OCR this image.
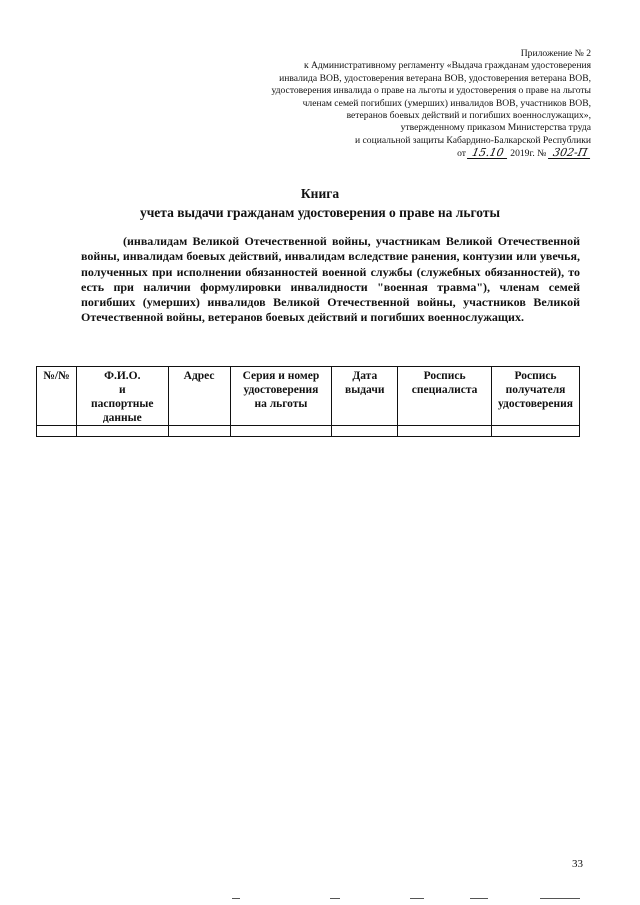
Приложение № 2
к Административному регламенту «Выдача гражданам удостоверения
инвалида ВОВ, удостоверения ветерана ВОВ, удостоверения ветерана ВОВ,
удостоверения инвалида о праве на льготы и удостоверения о праве на льготы
членам семей погибших (умерших) инвалидов ВОВ, участников ВОВ,
ветеранов боевых действий и погибших военнослужащих»,
утвержденному приказом Министерства труда
и социальной защиты Кабардино-Балкарской Республики
от
15.10
2019г. №
302-П
Книга
учета выдачи гражданам удостоверения о праве на льготы
(инвалидам Великой Отечественной войны, участникам Великой Отечественной войны, инвалидам боевых действий, инвалидам вследствие ранения, контузии или увечья, полученных при исполнении обязанностей военной службы (служебных обязанностей), то есть при наличии формулировки инвалидности "военная травма"), членам семей погибших (умерших) инвалидов Великой Отечественной войны, участников Великой Отечественной войны, ветеранов боевых действий и погибших военнослужащих.
№/№	Ф.И.О.
и
паспортные
данные	Адрес	Серия и номер
удостоверения
на льготы	Дата
выдачи	Роспись
специалиста	Роспись
получателя
удостоверения

33
